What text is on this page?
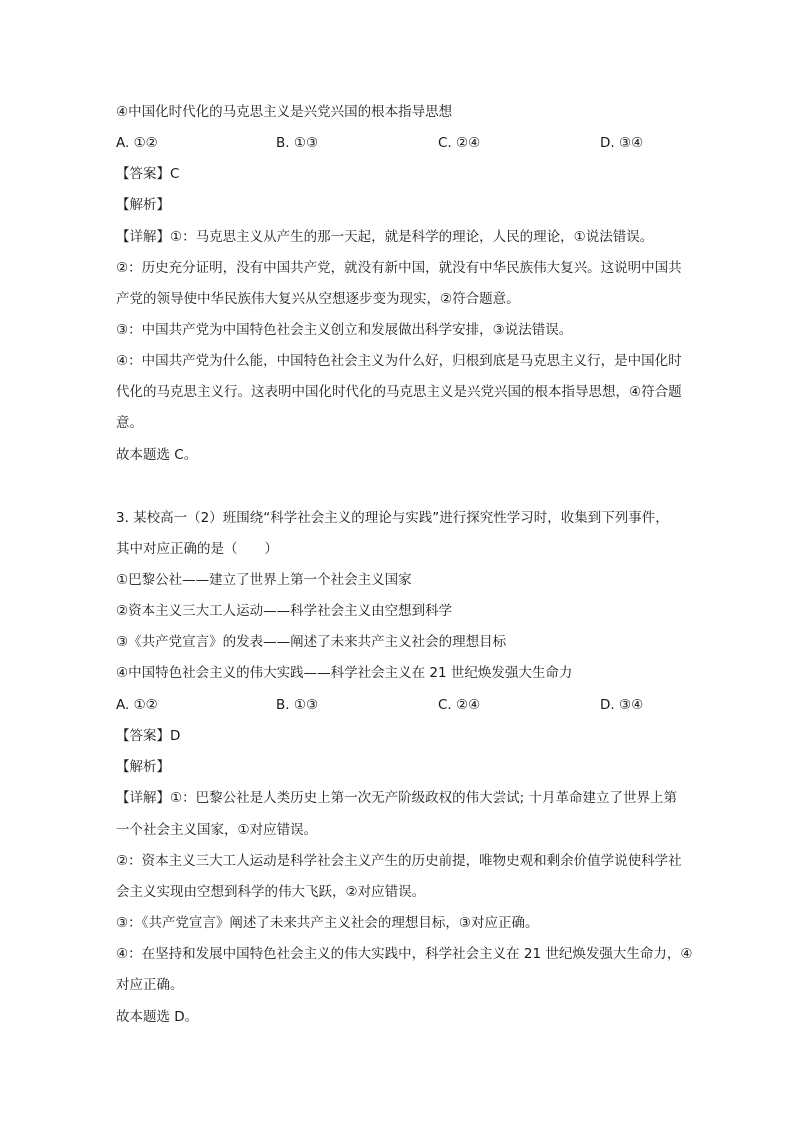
④中国化时代化的马克思主义是兴党兴国的根本指导思想
A. ①②	B. ①③	C. ②④	D. ③④
【答案】C
【解析】
【详解】①：马克思主义从产生的那一天起，就是科学的理论，人民的理论，①说法错误。
②：历史充分证明，没有中国共产党，就没有新中国，就没有中华民族伟大复兴。这说明中国共
产党的领导使中华民族伟大复兴从空想逐步变为现实，②符合题意。
③：中国共产党为中国特色社会主义创立和发展做出科学安排，③说法错误。
④：中国共产党为什么能，中国特色社会主义为什么好，归根到底是马克思主义行，是中国化时
代化的马克思主义行。这表明中国化时代化的马克思主义是兴党兴国的根本指导思想，④符合题
意。
故本题选 C。
3. 某校高一（2）班围绕“科学社会主义的理论与实践”进行探究性学习时，收集到下列事件，
其中对应正确的是（　　）
①巴黎公社——建立了世界上第一个社会主义国家
②资本主义三大工人运动——科学社会主义由空想到科学
③《共产党宣言》的发表——阐述了未来共产主义社会的理想目标
④中国特色社会主义的伟大实践——科学社会主义在 21 世纪焕发强大生命力
A. ①②	B. ①③	C. ②④	D. ③④
【答案】D
【解析】
【详解】①：巴黎公社是人类历史上第一次无产阶级政权的伟大尝试; 十月革命建立了世界上第
一个社会主义国家，①对应错误。
②：资本主义三大工人运动是科学社会主义产生的历史前提，唯物史观和剩余价值学说使科学社
会主义实现由空想到科学的伟大飞跃，②对应错误。
③：《共产党宣言》阐述了未来共产主义社会的理想目标，③对应正确。
④：在坚持和发展中国特色社会主义的伟大实践中，科学社会主义在 21 世纪焕发强大生命力，④
对应正确。
故本题选 D。
